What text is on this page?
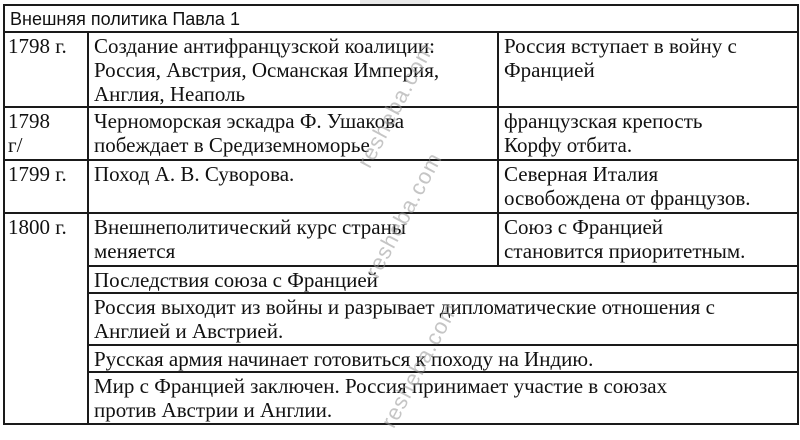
Внешняя политика Павла 1		
1798 г.	Создание антифранцузской коалиции:
Россия, Австрия, Османская Империя,
Англия, Неаполь	Россия вступает в войну с
Францией
1798
г/	Черноморская эскадра Ф. Ушакова
побеждает в Средиземноморье	французская крепость
Корфу отбита.
1799 г.	Поход А. В. Суворова.	Северная Италия
освобождена от французов.
1800 г.	Внешнеполитический курс страны
меняется	Союз с Францией
становится приоритетным.
	Последствия союза с Францией	
	Россия выходит из войны и разрывает дипломатические отношения с
Англией и Австрией.	
	Русская армия начинает готовиться к походу на Индию.	
	Мир с Францией заключен. Россия принимает участие в союзах
против Австрии и Англии.	
resheba.com
resheba.com
resheba.com
